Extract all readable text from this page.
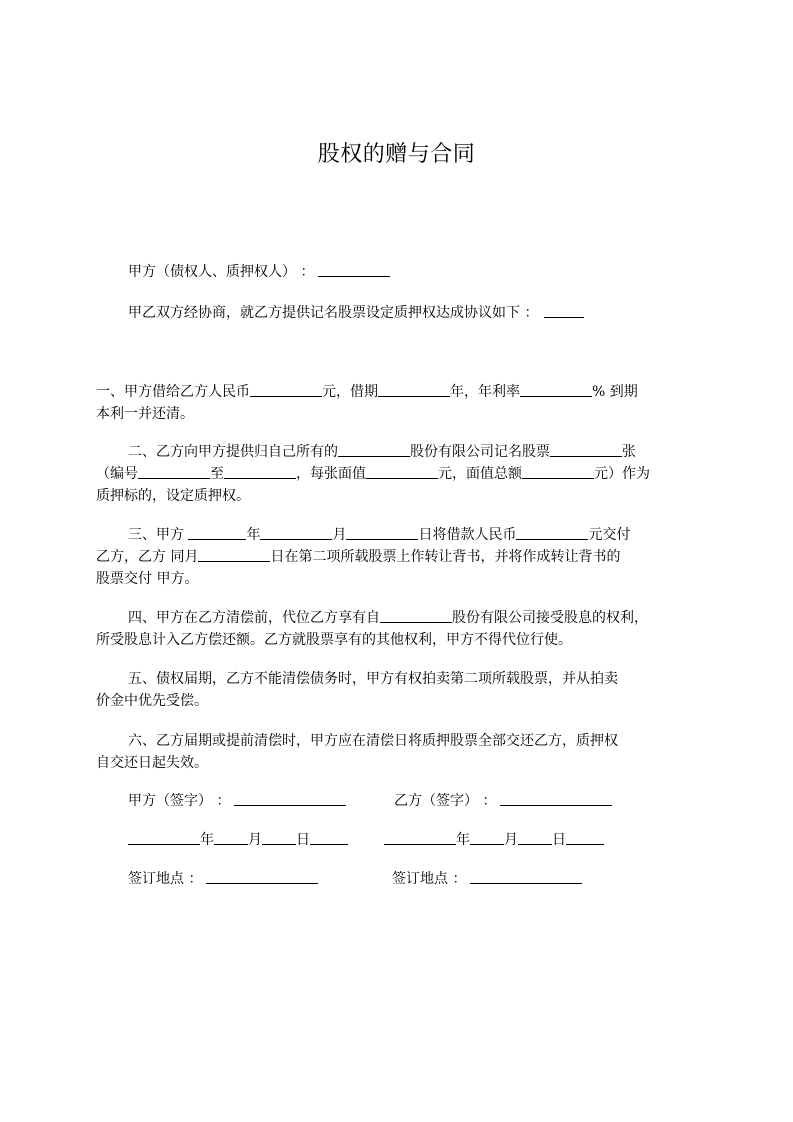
股权的赠与合同
甲方（债权人、质押权人） ：
甲乙双方经协商，就乙方提供记名股票设定质押权达成协议如下 ：
一、甲方借给乙方人民币	元，借期	年，年利率	% 到期
本利一并还清。
二、乙方向甲方提供归自己所有的	股份有限公司记名股票	张
（编号	至	，每张面值	元，面值总额	元）作为
质押标的，设定质押权。
三、甲方	年	月	日将借款人民币	元交付
乙方，乙方 同月	日在第二项所载股票上作转让背书，并将作成转让背书的
股票交付 甲方。
四、甲方在乙方清偿前，代位乙方享有自	股份有限公司接受股息的权利，
所受股息计入乙方偿还额。乙方就股票享有的其他权利，甲方不得代位行使。
五、债权届期，乙方不能清偿债务时，甲方有权拍卖第二项所载股票，并从拍卖
价金中优先受偿。
六、乙方届期或提前清偿时，甲方应在清偿日将质押股票全部交还乙方，质押权
自交还日起失效。
甲方（签字） ：	乙方（签字） ：
年 月 日	年 月 日
签订地点 ：	签订地点 ：
